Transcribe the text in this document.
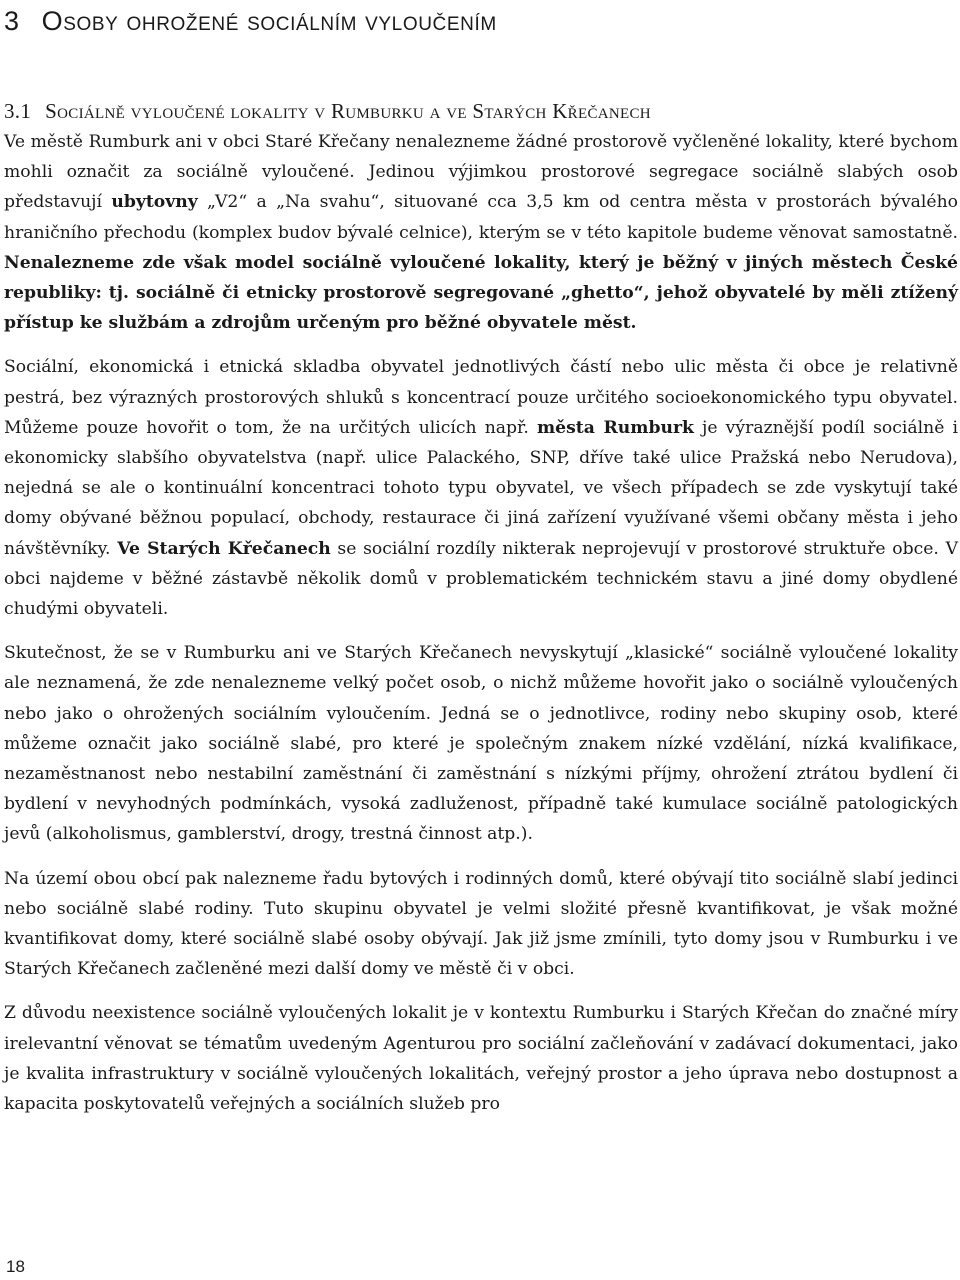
3 Osoby ohrožené sociálním vyloučením
3.1 Sociálně vyloučené lokality v Rumburku a ve Starých Křečanech

Ve městě Rumburk ani v obci Staré Křečany nenalezneme žádné prostorově vyčleněné lokality, které bychom mohli označit za sociálně vyloučené. Jedinou výjimkou prostorové segregace sociálně slabých osob představují ubytovny „V2“ a „Na svahu“, situované cca 3,5 km od centra města v prostorách bývalého hraničního přechodu (komplex budov bývalé celnice), kterým se v této kapitole budeme věnovat samostatně. Nenalezneme zde však model sociálně vyloučené lokality, který je běžný v jiných městech České republiky: tj. sociálně či etnicky prostorově segregované „ghetto“, jehož obyvatelé by měli ztížený přístup ke službám a zdrojům určeným pro běžné obyvatele měst.

Sociální, ekonomická i etnická skladba obyvatel jednotlivých částí nebo ulic města či obce je relativně pestrá, bez výrazných prostorových shluků s koncentrací pouze určitého socioekonomického typu obyvatel. Můžeme pouze hovořit o tom, že na určitých ulicích např. města Rumburk je výraznější podíl sociálně i ekonomicky slabšího obyvatelstva (např. ulice Palackého, SNP, dříve také ulice Pražská nebo Nerudova), nejedná se ale o kontinuální koncentraci tohoto typu obyvatel, ve všech případech se zde vyskytují také domy obývané běžnou populací, obchody, restaurace či jiná zařízení využívané všemi občany města i jeho návštěvníky. Ve Starých Křečanech se sociální rozdíly nikterak neprojevují v prostorové struktuře obce. V obci najdeme v běžné zástavbě několik domů v problematickém technickém stavu a jiné domy obydlené chudými obyvateli.

Skutečnost, že se v Rumburku ani ve Starých Křečanech nevyskytují „klasické“ sociálně vyloučené lokality ale neznamená, že zde nenalezneme velký počet osob, o nichž můžeme hovořit jako o sociálně vyloučených nebo jako o ohrožených sociálním vyloučením. Jedná se o jednotlivce, rodiny nebo skupiny osob, které můžeme označit jako sociálně slabé, pro které je společným znakem nízké vzdělání, nízká kvalifikace, nezaměstnanost nebo nestabilní zaměstnání či zaměstnání s nízkými příjmy, ohrožení ztrátou bydlení či bydlení v nevyhodných podmínkách, vysoká zadluženost, případně také kumulace sociálně patologických jevů (alkoholismus, gamblerství, drogy, trestná činnost atp.).

Na území obou obcí pak nalezneme řadu bytových i rodinných domů, které obývají tito sociálně slabí jedinci nebo sociálně slabé rodiny. Tuto skupinu obyvatel je velmi složité přesně kvantifikovat, je však možné kvantifikovat domy, které sociálně slabé osoby obývají. Jak již jsme zmínili, tyto domy jsou v Rumburku i ve Starých Křečanech začleněné mezi další domy ve městě či v obci.

Z důvodu neexistence sociálně vyloučených lokalit je v kontextu Rumburku i Starých Křečan do značné míry irelevantní věnovat se tématům uvedeným Agenturou pro sociální začleňování v zadávací dokumentaci, jako je kvalita infrastruktury v sociálně vyloučených lokalitách, veřejný prostor a jeho úprava nebo dostupnost a kapacita poskytovatelů veřejných a sociálních služeb pro

18
